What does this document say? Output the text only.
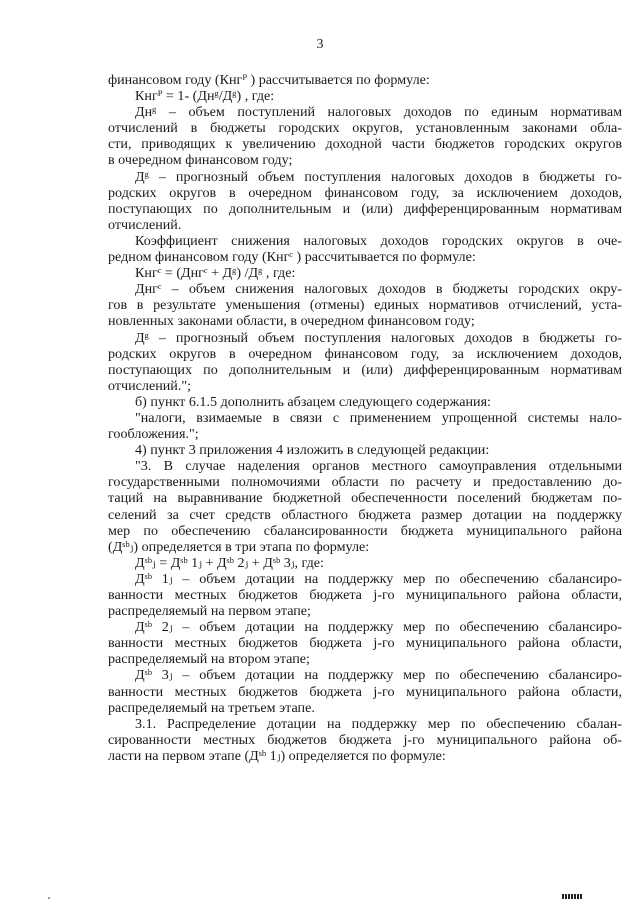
3
финансовом году (Кнгᴾ ) рассчитывается по формуле:
Кнгᴾ = 1- (Днᵍ/Дᵍ) , где:
Днᵍ – объем поступлений налоговых доходов по единым нормативам
отчислений в бюджеты городских округов, установленным законами обла-
сти, приводящих к увеличению доходной части бюджетов городских округов
в очередном финансовом году;
Дᵍ – прогнозный объем поступления налоговых доходов в бюджеты го-
родских округов в очередном финансовом году, за исключением доходов,
поступающих по дополнительным и (или) дифференцированным нормативам
отчислений.
Коэффициент снижения налоговых доходов городских округов в оче-
редном финансовом году (Кнгᶜ ) рассчитывается по формуле:
Кнгᶜ = (Днгᶜ + Дᵍ) /Дᵍ , где:
Днгᶜ – объем снижения налоговых доходов в бюджеты городских окру-
гов в результате уменьшения (отмены) единых нормативов отчислений, уста-
новленных законами области, в очередном финансовом году;
Дᵍ – прогнозный объем поступления налоговых доходов в бюджеты го-
родских округов в очередном финансовом году, за исключением доходов,
поступающих по дополнительным и (или) дифференцированным нормативам
отчислений.";
б) пункт 6.1.5 дополнить абзацем следующего содержания:
"налоги, взимаемые в связи с применением упрощенной системы нало-
гообложения.";
4) пункт 3 приложения 4 изложить в следующей редакции:
"3. В случае наделения органов местного самоуправления отдельными
государственными полномочиями области по расчету и предоставлению до-
таций на выравнивание бюджетной обеспеченности поселений бюджетам по-
селений за счет средств областного бюджета размер дотации на поддержку
мер по обеспечению сбалансированности бюджета муниципального района
(Дˢᵇⱼ) определяется в три этапа по формуле:
Дˢᵇⱼ = Дˢᵇ 1ⱼ + Дˢᵇ 2ⱼ + Дˢᵇ 3ⱼ, где:
Дˢᵇ 1ⱼ – объем дотации на поддержку мер по обеспечению сбалансиро-
ванности местных бюджетов бюджета j-го муниципального района области,
распределяемый на первом этапе;
Дˢᵇ 2ⱼ – объем дотации на поддержку мер по обеспечению сбалансиро-
ванности местных бюджетов бюджета j-го муниципального района области,
распределяемый на втором этапе;
Дˢᵇ 3ⱼ – объем дотации на поддержку мер по обеспечению сбалансиро-
ванности местных бюджетов бюджета j-го муниципального района области,
распределяемый на третьем этапе.
3.1. Распределение дотации на поддержку мер по обеспечению сбалан-
сированности местных бюджетов бюджета j-го муниципального района об-
ласти на первом этапе (Дˢᵇ 1ⱼ) определяется по формуле:
